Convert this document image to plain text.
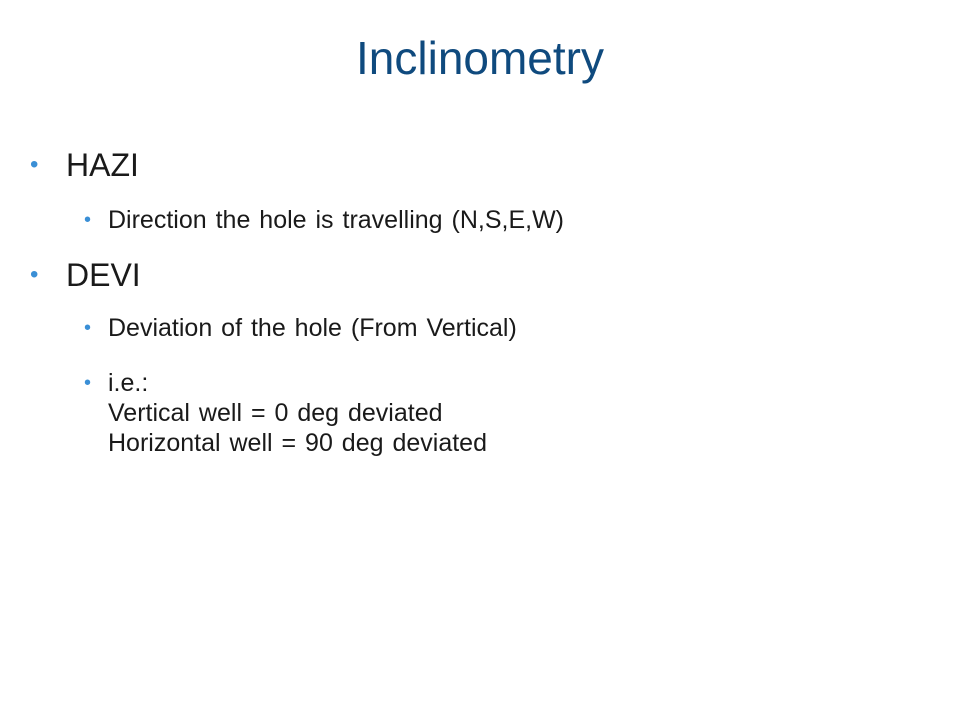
Inclinometry
• HAZI
• Direction the hole is travelling (N,S,E,W)
• DEVI
• Deviation of the hole (From Vertical)
• i.e.:
Vertical well = 0 deg deviated
Horizontal well = 90 deg deviated
